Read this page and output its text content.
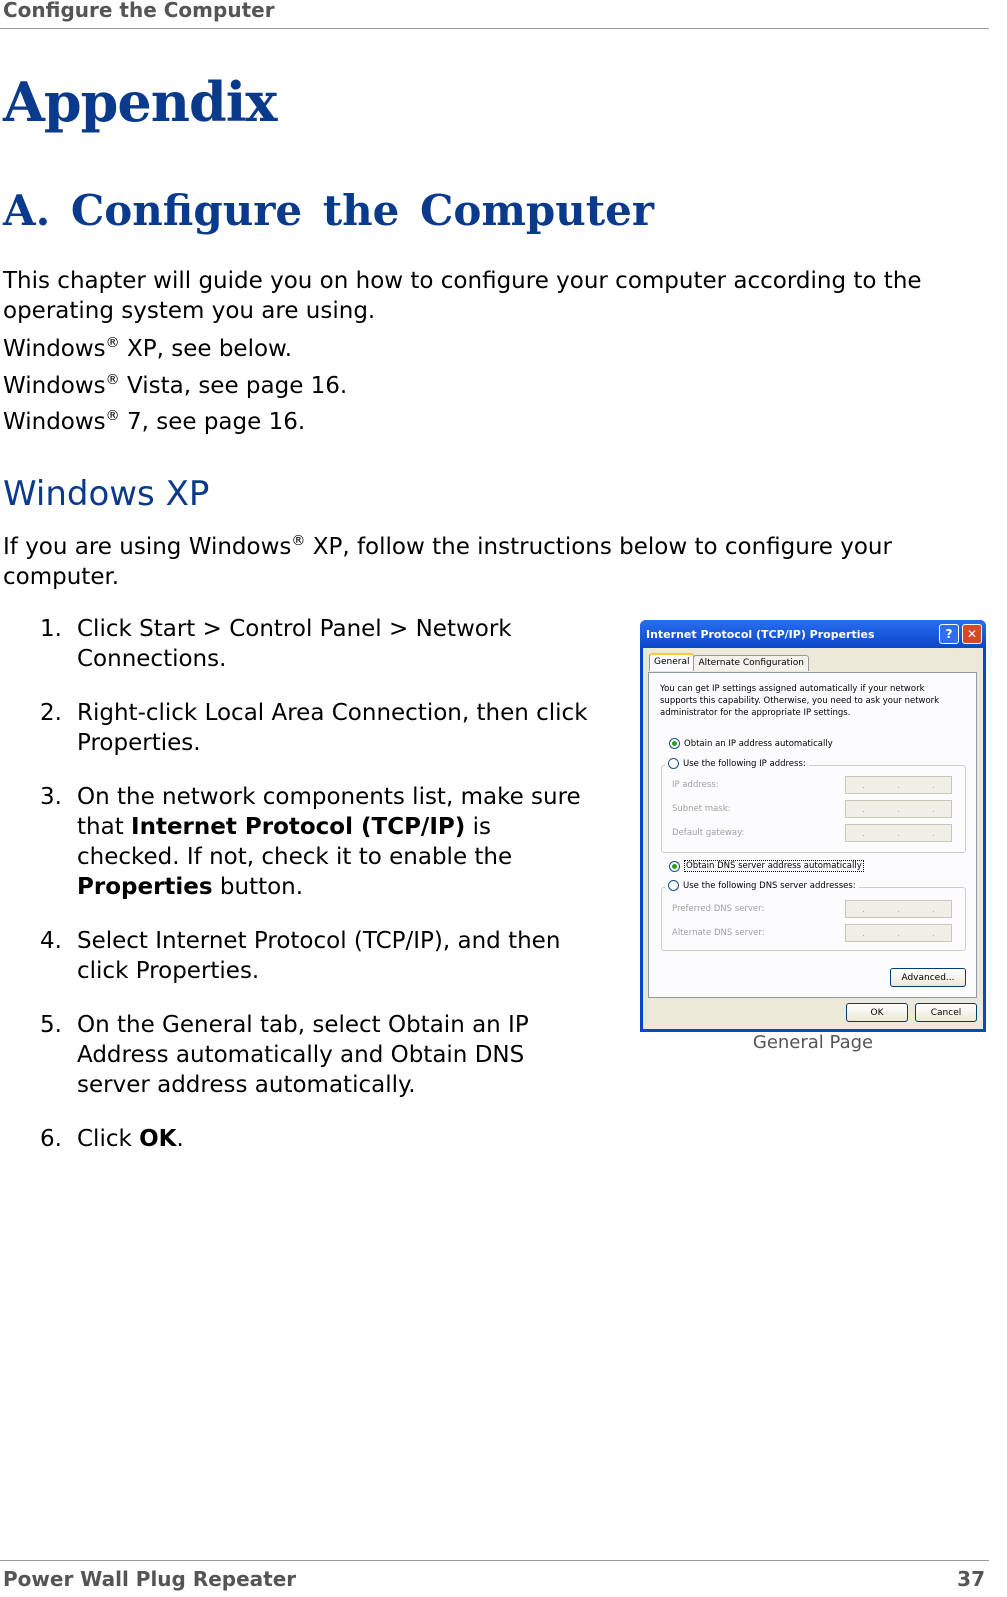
Configure the Computer
Appendix
A. Configure the Computer

This chapter will guide you on how to configure your computer according to the operating system you are using.

Windows® XP, see below.

Windows® Vista, see page 16.

Windows® 7, see page 16.

Windows XP

If you are using Windows® XP, follow the instructions below to configure your computer.

1. Click Start > Control Panel > Network Connections.
2. Right-click Local Area Connection, then click Properties.
3. On the network components list, make sure that Internet Protocol (TCP/IP) is checked. If not, check it to enable the Properties button.
4. Select Internet Protocol (TCP/IP), and then click Properties.
5. On the General tab, select Obtain an IP Address automatically and Obtain DNS server address automatically.
6. Click OK.
Internet Protocol (TCP/IP) Properties	?	✕
General	Alternate Configuration

You can get IP settings assigned automatically if your network supports this capability. Otherwise, you need to ask your network administrator for the appropriate IP settings.

Obtain an IP address automatically
IP address:	.	.	.
Subnet mask:	.	.	.
Default gateway:	.	.	.
Use the following IP address:
Obtain DNS server address automatically
Preferred DNS server:	.	.	.
Alternate DNS server:	.	.	.
Use the following DNS server addresses:
Advanced...
OK	Cancel
General Page
Power Wall Plug Repeater	37
